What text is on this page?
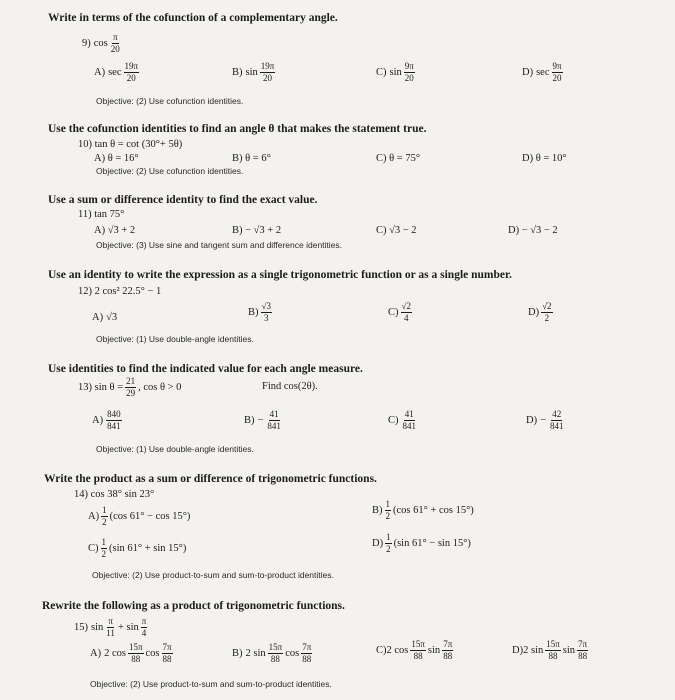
Write in terms of the cofunction of a complementary angle.
9) $\cos \frac{\pi}{20}$
A) $\sec \frac{19\pi}{20}$	B) $\sin \frac{19\pi}{20}$	C) $\sin \frac{9\pi}{20}$	D) $\sec \frac{9\pi}{20}$
Objective: (2) Use cofunction identities.
Use the cofunction identities to find an angle θ that makes the statement true.
10) tan θ = cot (30°+ 5θ)
A) θ = 16°	B) θ = 6°	C) θ = 75°	D) θ = 10°
Objective: (2) Use cofunction identities.
Use a sum or difference identity to find the exact value.
11) tan 75°
A) √3 + 2	B) − √3 + 2	C) √3 − 2	D) − √3 − 2
Objective: (3) Use sine and tangent sum and difference identities.
Use an identity to write the expression as a single trigonometric function or as a single number.
12) 2 cos² 22.5° − 1
A) √3	$B) \frac{√3}{3}$	$C) \frac{√2}{4}$	$D) \frac{√2}{2}$
Objective: (1) Use double-angle identities.
Use identities to find the indicated value for each angle measure.
13) $\sin \theta = \frac{21}{29}$ , cos θ > 0	Find cos(2θ).
$A) \frac{840}{841}$	$B) - \frac{41}{841}$	$C) \frac{41}{841}$	$D) - \frac{42}{841}$
Objective: (1) Use double-angle identities.
Write the product as a sum or difference of trigonometric functions.
14) cos 38° sin 23°
$A) \frac{1}{2} (\cos$ 61° − cos 15°)
$B) \frac{1}{2} (\cos$ 61° + cos 15°)
$C) \frac{1}{2} (\sin$ 61° + sin 15°)	$D) \frac{1}{2} (\sin$ 61° − sin 15°)
Objective: (2) Use product-to-sum and sum-to-product identities.
Rewrite the following as a product of trigonometric functions.
15) $\sin \frac{\pi}{11} + \sin \frac{\pi}{4}$
A) 2 $\cos \frac{15\pi}{88}$ $\cos \frac{7\pi}{88}$	B) 2 $\sin \frac{15\pi}{88}$ $\cos \frac{7\pi}{88}$	C) 2 $\cos \frac{15\pi}{88}$ $\sin \frac{7\pi}{88}$	D) 2 $\sin \frac{15\pi}{88}$ $\sin \frac{7\pi}{88}$
Objective: (2) Use product-to-sum and sum-to-product identities.
